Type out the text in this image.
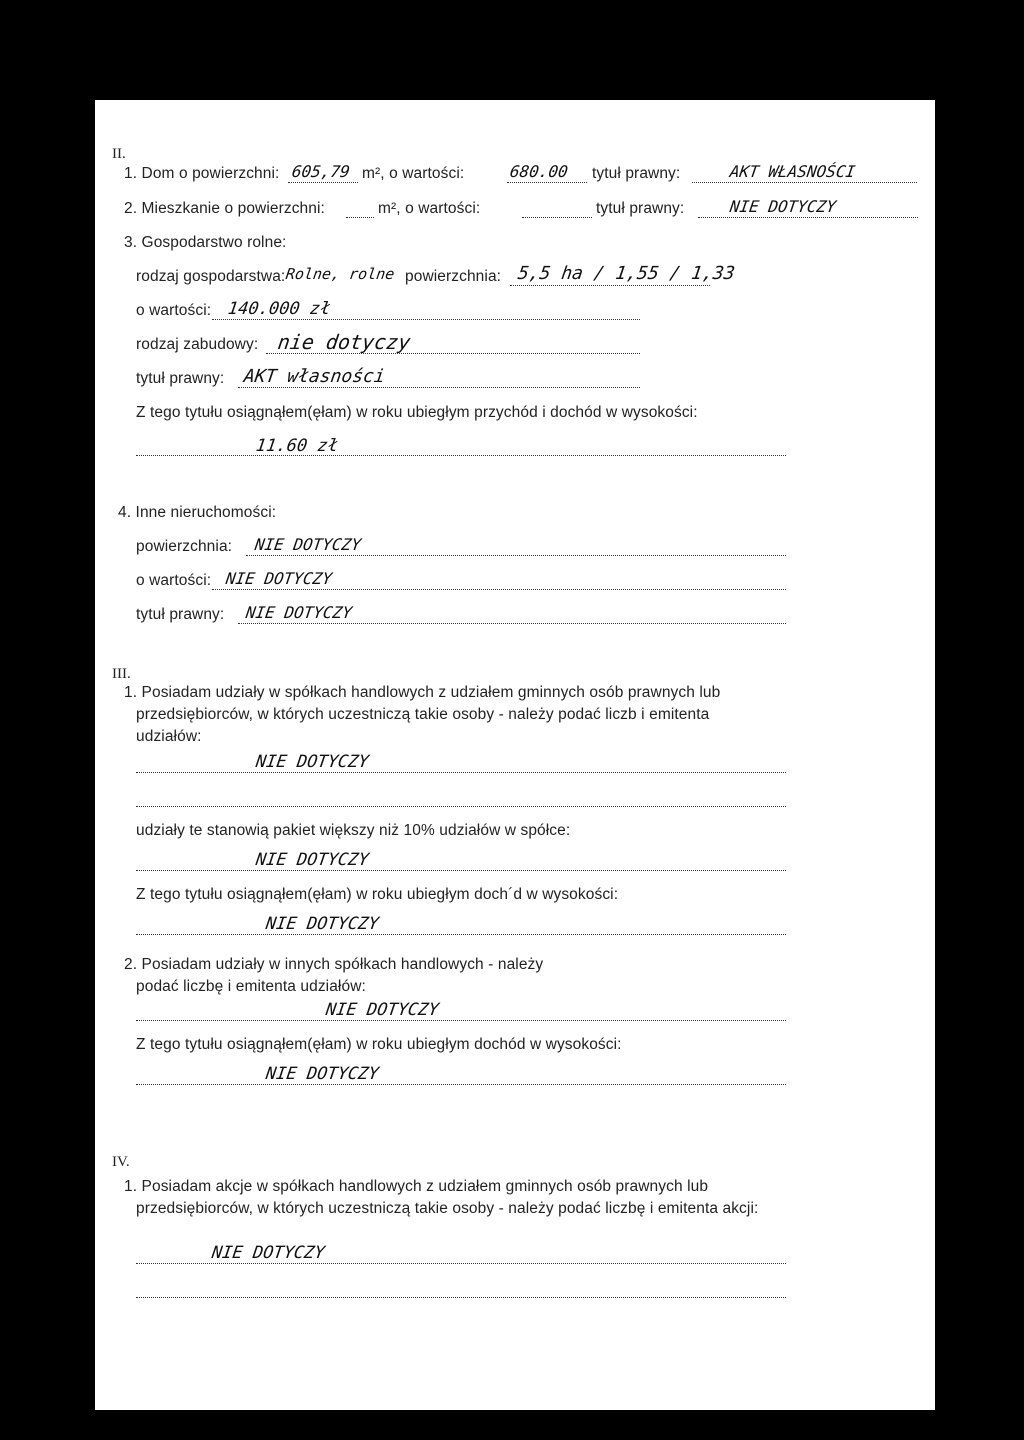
II.
1. Dom o powierzchni: 605,79 m², o wartości:	680.00 tytuł prawny:	AKT WŁASNOŚCI
2. Mieszkanie o powierzchni:	m², o wartości:	tytuł prawny:	NIE DOTYCZY
3. Gospodarstwo rolne:
rodzaj gospodarstwa: Rolne, rolne powierzchnia: 5,5 ha / 1,55 / 1,33
o wartości: 140.000 zł
rodzaj zabudowy: nie dotyczy
tytuł prawny: AKT własności
Z tego tytułu osiągnąłem(ęłam) w roku ubiegłym przychód i dochód w wysokości:
11.60 zł
4. Inne nieruchomości:
powierzchnia: NIE DOTYCZY
o wartości: NIE DOTYCZY
tytuł prawny: NIE DOTYCZY
III.
1. Posiadam udziały w spółkach handlowych z udziałem gminnych osób prawnych lub
przedsiębiorców, w których uczestniczą takie osoby - należy podać liczb i emitenta
udziałów:
NIE DOTYCZY
udziały te stanowią pakiet większy niż 10% udziałów w spółce:
NIE DOTYCZY
Z tego tytułu osiągnąłem(ęłam) w roku ubiegłym doch´d w wysokości:
NIE DOTYCZY
2. Posiadam udziały w innych spółkach handlowych - należy
podać liczbę i emitenta udziałów:
NIE DOTYCZY
Z tego tytułu osiągnąłem(ęłam) w roku ubiegłym dochód w wysokości:
NIE DOTYCZY
IV.
1. Posiadam akcje w spółkach handlowych z udziałem gminnych osób prawnych lub
przedsiębiorców, w których uczestniczą takie osoby - należy podać liczbę i emitenta akcji:
NIE DOTYCZY
